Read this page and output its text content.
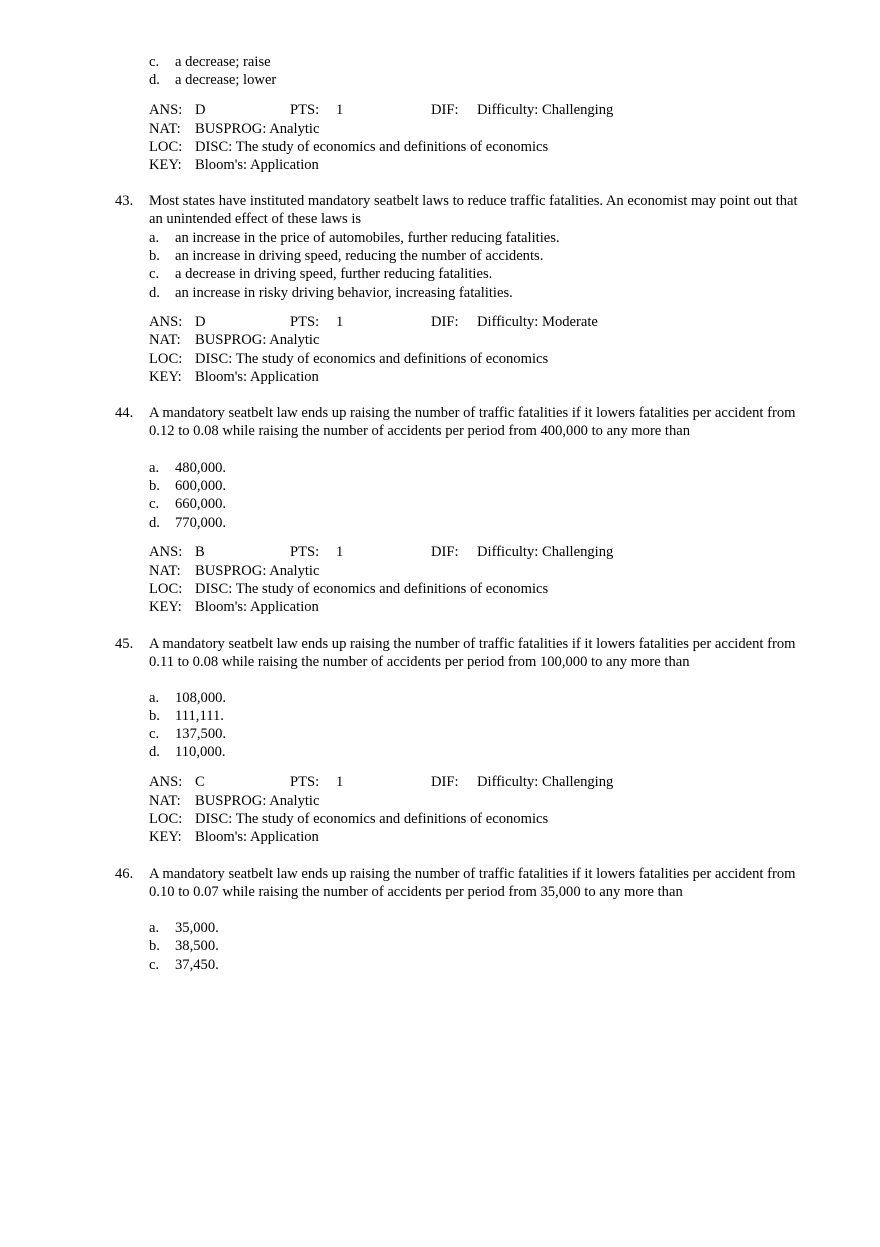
c. a decrease; raise
d. a decrease; lower
ANS: D	PTS: 1	DIF: Difficulty: Challenging
NAT: BUSPROG: Analytic
LOC: DISC: The study of economics and definitions of economics
KEY: Bloom's: Application
43. Most states have instituted mandatory seatbelt laws to reduce traffic fatalities. An economist may point out that an unintended effect of these laws is
a. an increase in the price of automobiles, further reducing fatalities.
b. an increase in driving speed, reducing the number of accidents.
c. a decrease in driving speed, further reducing fatalities.
d. an increase in risky driving behavior, increasing fatalities.
ANS: D	PTS: 1	DIF: Difficulty: Moderate
NAT: BUSPROG: Analytic
LOC: DISC: The study of economics and definitions of economics
KEY: Bloom's: Application
44. A mandatory seatbelt law ends up raising the number of traffic fatalities if it lowers fatalities per accident from 0.12 to 0.08 while raising the number of accidents per period from 400,000 to any more than
a. 480,000.
b. 600,000.
c. 660,000.
d. 770,000.
ANS: B	PTS: 1	DIF: Difficulty: Challenging
NAT: BUSPROG: Analytic
LOC: DISC: The study of economics and definitions of economics
KEY: Bloom's: Application
45. A mandatory seatbelt law ends up raising the number of traffic fatalities if it lowers fatalities per accident from 0.11 to 0.08 while raising the number of accidents per period from 100,000 to any more than
a. 108,000.
b. 111,111.
c. 137,500.
d. 110,000.
ANS: C	PTS: 1	DIF: Difficulty: Challenging
NAT: BUSPROG: Analytic
LOC: DISC: The study of economics and definitions of economics
KEY: Bloom's: Application
46. A mandatory seatbelt law ends up raising the number of traffic fatalities if it lowers fatalities per accident from 0.10 to 0.07 while raising the number of accidents per period from 35,000 to any more than
a. 35,000.
b. 38,500.
c. 37,450.
